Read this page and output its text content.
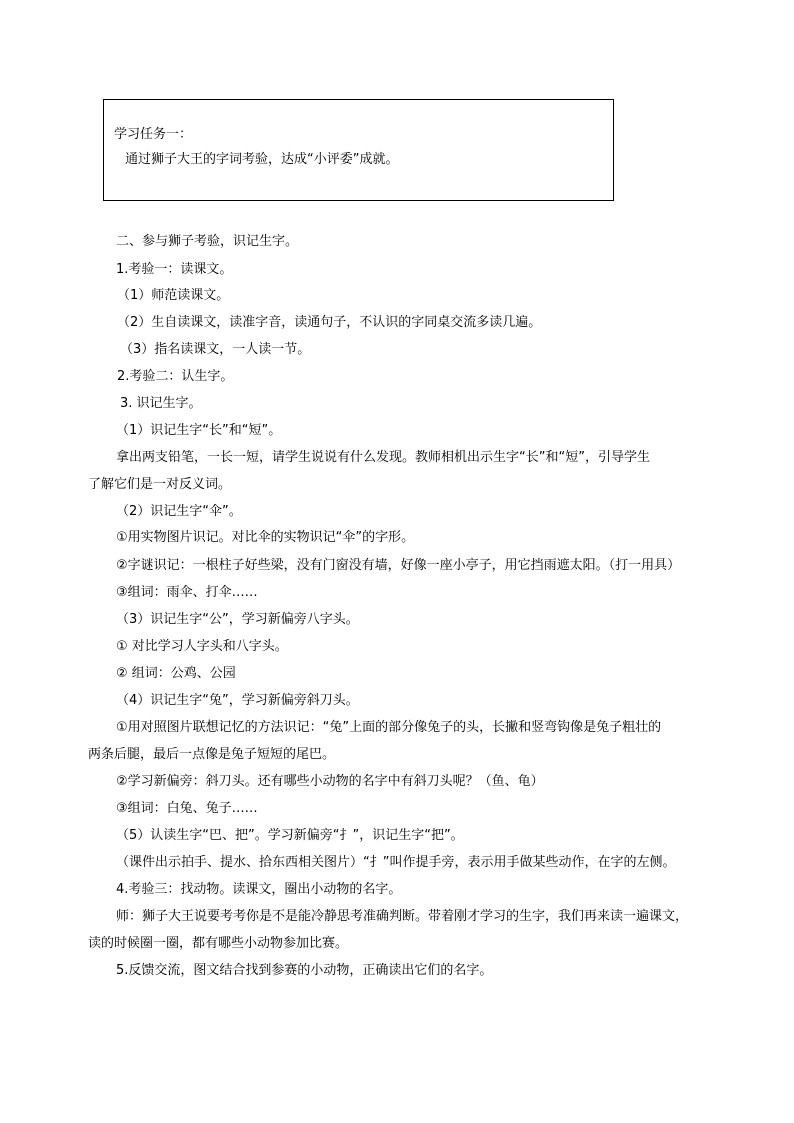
学习任务一：
通过狮子大王的字词考验，达成“小评委”成就。
二、参与狮子考验，识记生字。
1.考验一：读课文。
（1）师范读课文。
（2）生自读课文，读准字音，读通句子，不认识的字同桌交流多读几遍。
（3）指名读课文，一人读一节。
2.考验二：认生字。
3. 识记生字。
（1）识记生字“长”和“短”。
拿出两支铅笔，一长一短，请学生说说有什么发现。教师相机出示生字“长”和“短”，引导学生
了解它们是一对反义词。
（2）识记生字“伞”。
①用实物图片识记。对比伞的实物识记“伞”的字形。
②字谜识记：一根柱子好些梁，没有门窗没有墙，好像一座小亭子，用它挡雨遮太阳。（打一用具）
③组词：雨伞、打伞……
（3）识记生字“公”，学习新偏旁八字头。
① 对比学习人字头和八字头。
② 组词：公鸡、公园
（4）识记生字“兔”，学习新偏旁斜刀头。
①用对照图片联想记忆的方法识记：“兔”上面的部分像兔子的头，长撇和竖弯钩像是兔子粗壮的
两条后腿，最后一点像是兔子短短的尾巴。
②学习新偏旁：斜刀头。还有哪些小动物的名字中有斜刀头呢？（鱼、龟）
③组词：白兔、兔子……
（5）认读生字“巴、把”。学习新偏旁“扌”，识记生字“把”。
（课件出示拍手、提水、拾东西相关图片）“扌”叫作提手旁，表示用手做某些动作，在字的左侧。
4.考验三：找动物。读课文，圈出小动物的名字。
师：狮子大王说要考考你是不是能冷静思考准确判断。带着刚才学习的生字，我们再来读一遍课文，
读的时候圈一圈，都有哪些小动物参加比赛。
5.反馈交流，图文结合找到参赛的小动物，正确读出它们的名字。
